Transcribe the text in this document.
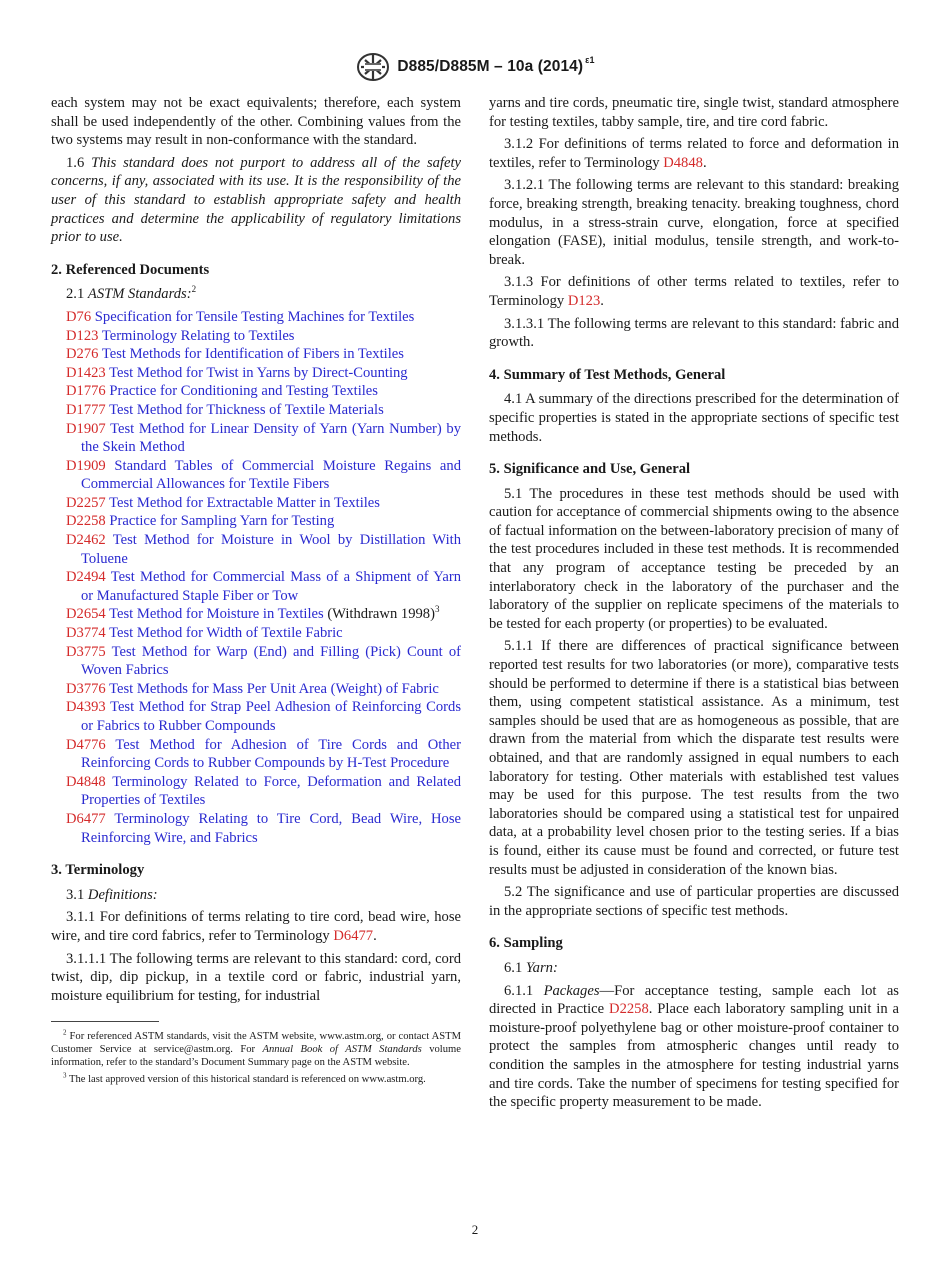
D885/D885M – 10a (2014) $^{\varepsilon 1}$

each system may not be exact equivalents; therefore, each system shall be used independently of the other. Combining values from the two systems may result in non-conformance with the standard.

1.6 This standard does not purport to address all of the safety concerns, if any, associated with its use. It is the responsibility of the user of this standard to establish appropriate safety and health practices and determine the applicability of regulatory limitations prior to use.

2. Referenced Documents

2.1 ASTM Standards:$^2$

D76 Specification for Tensile Testing Machines for Textiles
D123 Terminology Relating to Textiles
D276 Test Methods for Identification of Fibers in Textiles
D1423 Test Method for Twist in Yarns by Direct-Counting
D1776 Practice for Conditioning and Testing Textiles
D1777 Test Method for Thickness of Textile Materials
D1907 Test Method for Linear Density of Yarn (Yarn Number) by the Skein Method
D1909 Standard Tables of Commercial Moisture Regains and Commercial Allowances for Textile Fibers
D2257 Test Method for Extractable Matter in Textiles
D2258 Practice for Sampling Yarn for Testing
D2462 Test Method for Moisture in Wool by Distillation With Toluene
D2494 Test Method for Commercial Mass of a Shipment of Yarn or Manufactured Staple Fiber or Tow
D2654 Test Method for Moisture in Textiles (Withdrawn 1998)$^3$
D3774 Test Method for Width of Textile Fabric
D3775 Test Method for Warp (End) and Filling (Pick) Count of Woven Fabrics
D3776 Test Methods for Mass Per Unit Area (Weight) of Fabric
D4393 Test Method for Strap Peel Adhesion of Reinforcing Cords or Fabrics to Rubber Compounds
D4776 Test Method for Adhesion of Tire Cords and Other Reinforcing Cords to Rubber Compounds by H-Test Procedure
D4848 Terminology Related to Force, Deformation and Related Properties of Textiles
D6477 Terminology Relating to Tire Cord, Bead Wire, Hose Reinforcing Wire, and Fabrics
3. Terminology

3.1 Definitions:

3.1.1 For definitions of terms relating to tire cord, bead wire, hose wire, and tire cord fabrics, refer to Terminology D6477.

3.1.1.1 The following terms are relevant to this standard: cord, cord twist, dip, dip pickup, in a textile cord or fabric, industrial yarn, moisture equilibrium for testing, for industrial

$^2$ For referenced ASTM standards, visit the ASTM website, www.astm.org, or contact ASTM Customer Service at service@astm.org. For Annual Book of ASTM Standards volume information, refer to the standard’s Document Summary page on the ASTM website.

$^3$ The last approved version of this historical standard is referenced on www.astm.org.

yarns and tire cords, pneumatic tire, single twist, standard atmosphere for testing textiles, tabby sample, tire, and tire cord fabric.

3.1.2 For definitions of terms related to force and deformation in textiles, refer to Terminology D4848.

3.1.2.1 The following terms are relevant to this standard: breaking force, breaking strength, breaking tenacity. breaking toughness, chord modulus, in a stress-strain curve, elongation, force at specified elongation (FASE), initial modulus, tensile strength, and work-to-break.

3.1.3 For definitions of other terms related to textiles, refer to Terminology D123.

3.1.3.1 The following terms are relevant to this standard: fabric and growth.

4. Summary of Test Methods, General

4.1 A summary of the directions prescribed for the determination of specific properties is stated in the appropriate sections of specific test methods.

5. Significance and Use, General

5.1 The procedures in these test methods should be used with caution for acceptance of commercial shipments owing to the absence of factual information on the between-laboratory precision of many of the test procedures included in these test methods. It is recommended that any program of acceptance testing be preceded by an interlaboratory check in the laboratory of the purchaser and the laboratory of the supplier on replicate specimens of the materials to be tested for each property (or properties) to be evaluated.

5.1.1 If there are differences of practical significance between reported test results for two laboratories (or more), comparative tests should be performed to determine if there is a statistical bias between them, using competent statistical assistance. As a minimum, test samples should be used that are as homogeneous as possible, that are drawn from the material from which the disparate test results were obtained, and that are randomly assigned in equal numbers to each laboratory for testing. Other materials with established test values may be used for this purpose. The test results from the two laboratories should be compared using a statistical test for unpaired data, at a probability level chosen prior to the testing series. If a bias is found, either its cause must be found and corrected, or future test results must be adjusted in consideration of the known bias.

5.2 The significance and use of particular properties are discussed in the appropriate sections of specific test methods.

6. Sampling

6.1 Yarn:

6.1.1 Packages—For acceptance testing, sample each lot as directed in Practice D2258. Place each laboratory sampling unit in a moisture-proof polyethylene bag or other moisture-proof container to protect the samples from atmospheric changes until ready to condition the samples in the atmosphere for testing industrial yarns and tire cords. Take the number of specimens for testing specified for the specific property measurement to be made.

2
